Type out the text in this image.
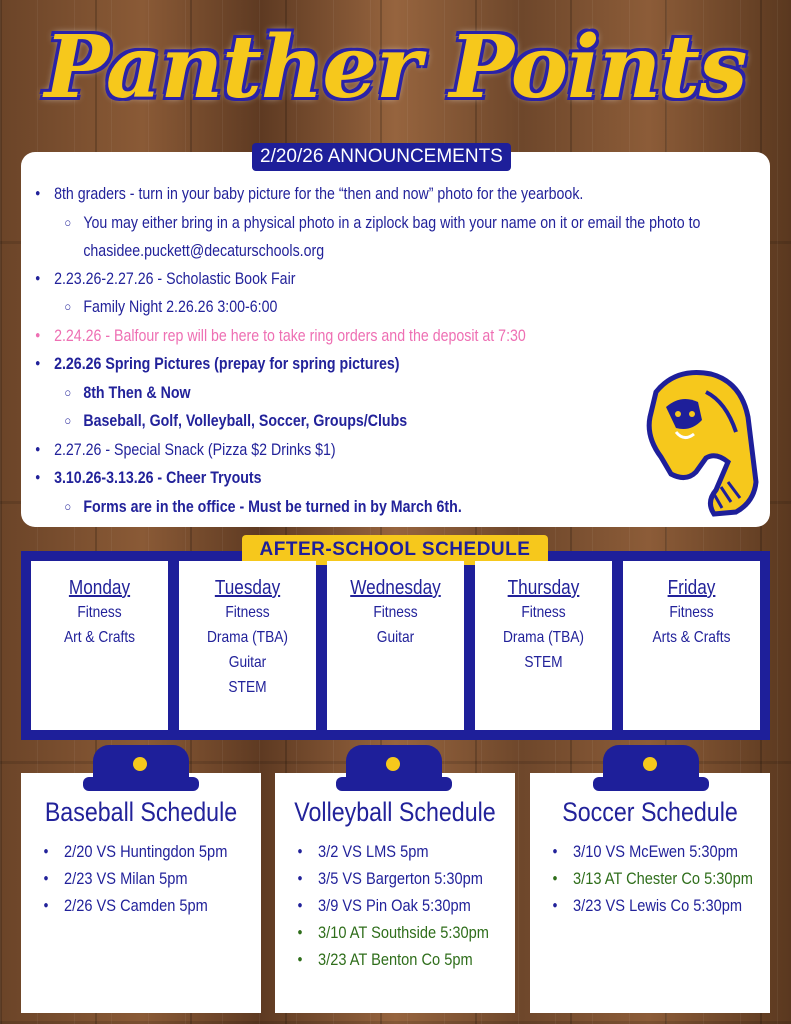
Panther Points
2/20/26 ANNOUNCEMENTS
● 8th graders - turn in your baby picture for the “then and now” photo for the yearbook.
○ You may either bring in a physical photo in a ziplock bag with your name on it or email the photo to chasidee.puckett@decaturschools.org
● 2.23.26-2.27.26 - Scholastic Book Fair
○ Family Night 2.26.26 3:00-6:00
● 2.24.26 - Balfour rep will be here to take ring orders and the deposit at 7:30
● 2.26.26 Spring Pictures (prepay for spring pictures)
○ 8th Then & Now
○ Baseball, Golf, Volleyball, Soccer, Groups/Clubs
● 2.27.26 - Special Snack (Pizza $2 Drinks $1)
● 3.10.26-3.13.26 - Cheer Tryouts
○ Forms are in the office - Must be turned in by March 6th.
AFTER-SCHOOL SCHEDULE
Monday
Fitness
Art & Crafts
Tuesday
Fitness
Drama (TBA)
Guitar
STEM
Wednesday
Fitness
Guitar
Thursday
Fitness
Drama (TBA)
STEM
Friday
Fitness
Arts & Crafts
Baseball Schedule
● 2/20 VS Huntingdon 5pm
● 2/23 VS Milan 5pm
● 2/26 VS Camden 5pm
Volleyball Schedule
● 3/2 VS LMS 5pm
● 3/5 VS Bargerton 5:30pm
● 3/9 VS Pin Oak 5:30pm
● 3/10 AT Southside 5:30pm
● 3/23 AT Benton Co 5pm
Soccer Schedule
● 3/10 VS McEwen 5:30pm
● 3/13 AT Chester Co 5:30pm
● 3/23 VS Lewis Co 5:30pm
